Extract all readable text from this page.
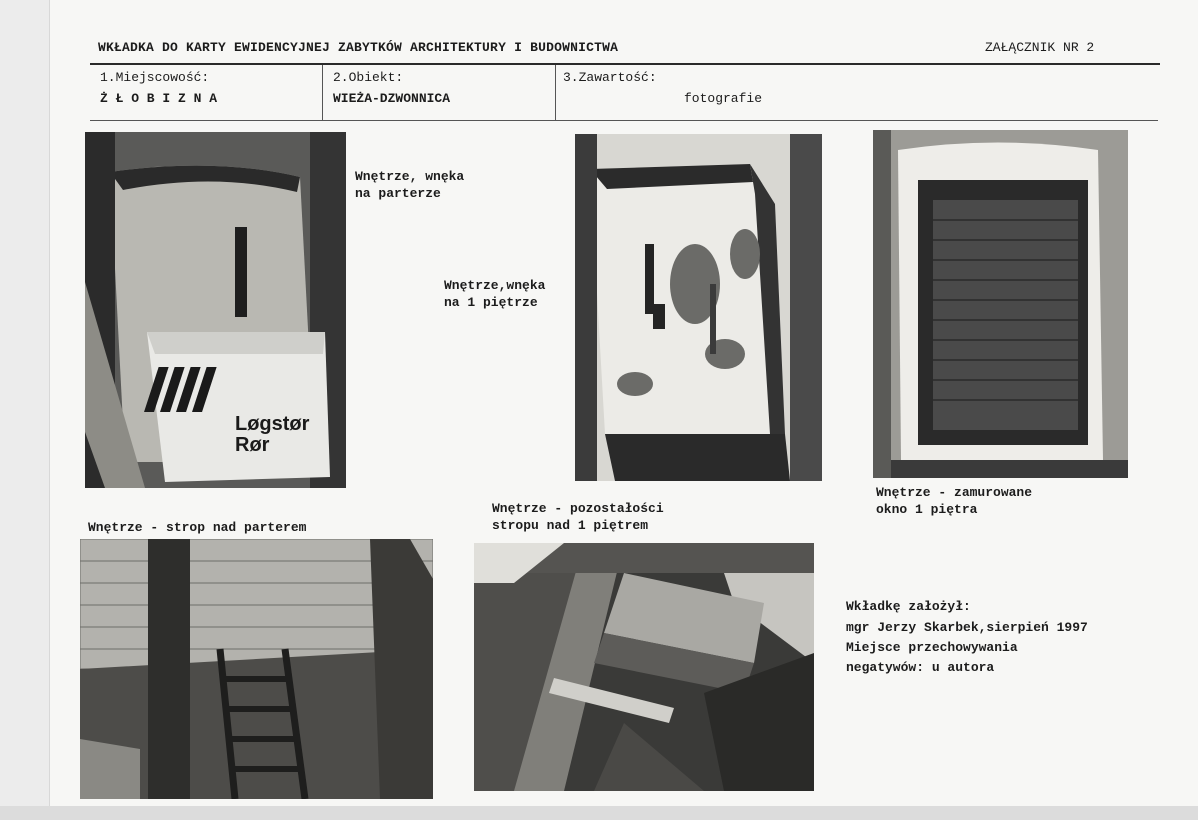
WKŁADKA DO KARTY EWIDENCYJNEJ ZABYTKÓW ARCHITEKTURY I BUDOWNICTWA	ZAŁĄCZNIK NR 2
1.Miejscowość:
Ż Ł O B I Z N A
2.Obiekt:
WIEŻA-DZWONNICA
3.Zawartość:
fotografie
Løgstør
Rør
Wnętrze, wnęka
na parterze
Wnętrze,wnęka
na 1 piętrze
Wnętrze - zamurowane
okno 1 piętra
Wnętrze - strop nad parterem
Wnętrze - pozostałości
stropu nad 1 piętrem
Wkładkę założył:
mgr Jerzy Skarbek,sierpień 1997
Miejsce przechowywania
negatywów: u autora
